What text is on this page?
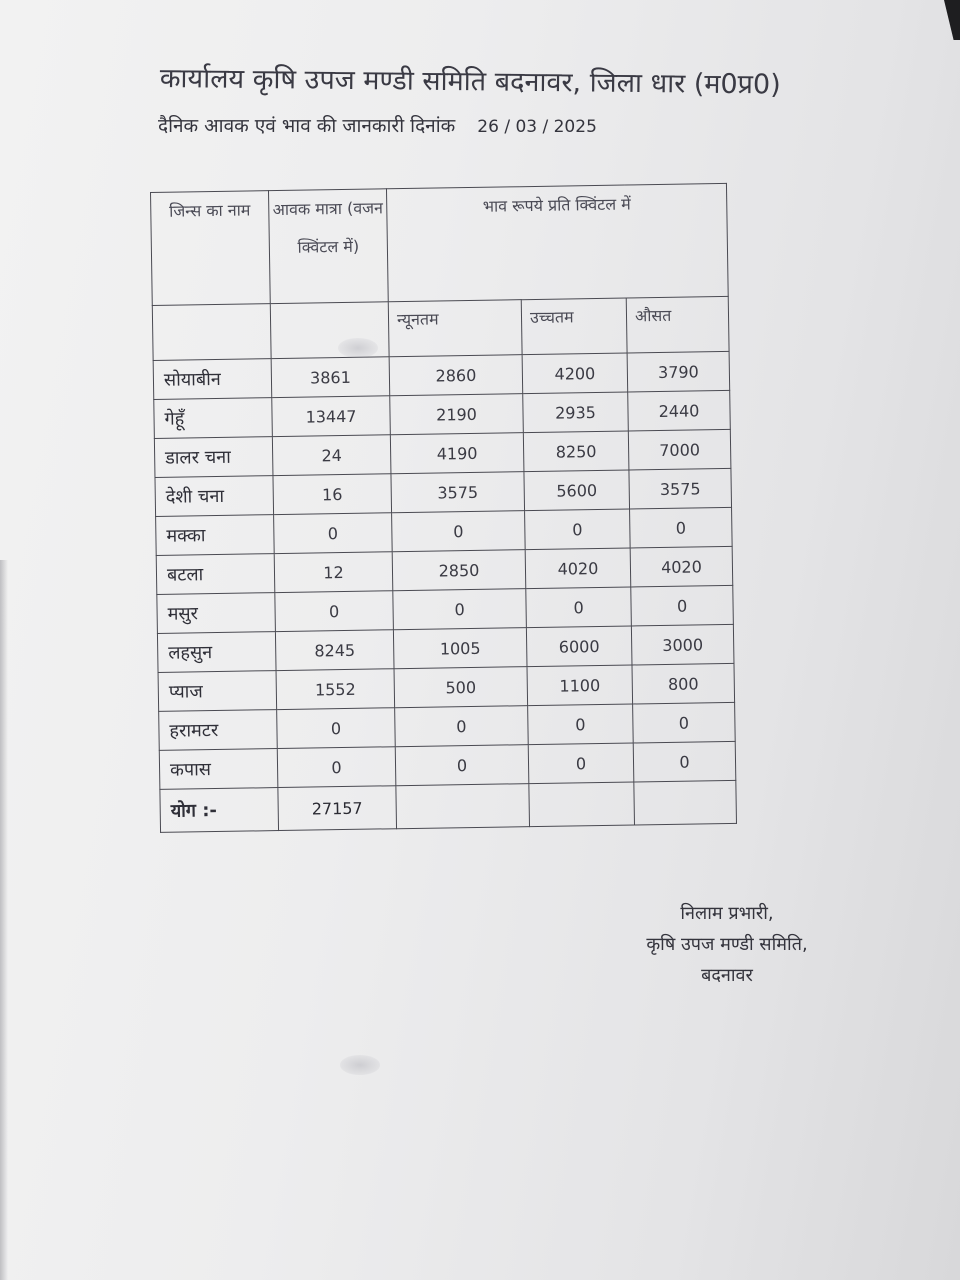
कार्यालय कृषि उपज मण्डी समिति बदनावर, जिला धार (म0प्र0)
दैनिक आवक एवं भाव की जानकारी दिनांक 26 / 03 / 2025
जिन्स का नाम	आवक मात्रा (वजन क्विंटल में)	भाव रूपये प्रति क्विंटल में		
		न्यूनतम	उच्चतम	औसत
सोयाबीन	3861	2860	4200	3790
गेहूँ	13447	2190	2935	2440
डालर चना	24	4190	8250	7000
देशी चना	16	3575	5600	3575
मक्का	0	0	0	0
बटला	12	2850	4020	4020
मसुर	0	0	0	0
लहसुन	8245	1005	6000	3000
प्याज	1552	500	1100	800
हरामटर	0	0	0	0
कपास	0	0	0	0
योग :-	27157			
निलाम प्रभारी,
कृषि उपज मण्डी समिति,
बदनावर
